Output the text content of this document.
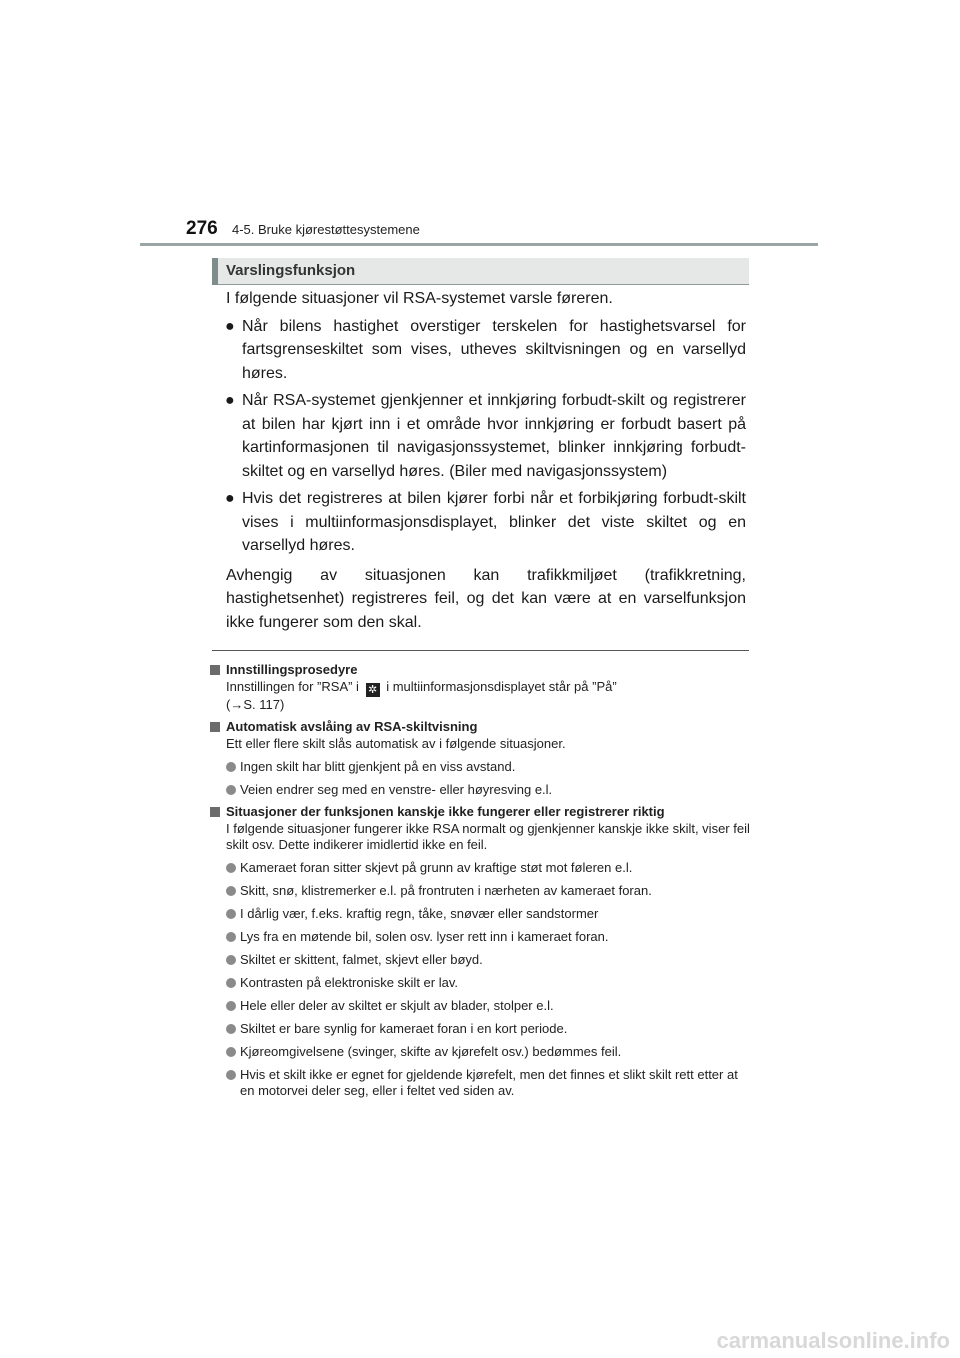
276 4-5. Bruke kjørestøttesystemene
Varslingsfunksjon

I følgende situasjoner vil RSA-systemet varsle føreren.

● Når bilens hastighet overstiger terskelen for hastighetsvarsel for fartsgrenseskiltet som vises, utheves skiltvisningen og en varsellyd høres.
● Når RSA-systemet gjenkjenner et innkjøring forbudt-skilt og registrerer at bilen har kjørt inn i et område hvor innkjøring er forbudt basert på kartinformasjonen til navigasjonssystemet, blinker innkjøring forbudt-skiltet og en varsellyd høres. (Biler med navigasjonssystem)
● Hvis det registreres at bilen kjører forbi når et forbikjøring forbudt-skilt vises i multiinformasjonsdisplayet, blinker det viste skiltet og en varsellyd høres.

Avhengig av situasjonen kan trafikkmiljøet (trafikkretning, hastighetsenhet) registreres feil, og det kan være at en varselfunksjon ikke fungerer som den skal.

Innstillingsprosedyre
Innstillingen for ”RSA” i ✲ i multiinformasjonsdisplayet står på ”På”
(→S. 117)
Automatisk avslåing av RSA-skiltvisning
Ett eller flere skilt slås automatisk av i følgende situasjoner.
Ingen skilt har blitt gjenkjent på en viss avstand.
Veien endrer seg med en venstre- eller høyresving e.l.
Situasjoner der funksjonen kanskje ikke fungerer eller registrerer riktig
I følgende situasjoner fungerer ikke RSA normalt og gjenkjenner kanskje ikke skilt, viser feil skilt osv. Dette indikerer imidlertid ikke en feil.
Kameraet foran sitter skjevt på grunn av kraftige støt mot føleren e.l.
Skitt, snø, klistremerker e.l. på frontruten i nærheten av kameraet foran.
I dårlig vær, f.eks. kraftig regn, tåke, snøvær eller sandstormer
Lys fra en møtende bil, solen osv. lyser rett inn i kameraet foran.
Skiltet er skittent, falmet, skjevt eller bøyd.
Kontrasten på elektroniske skilt er lav.
Hele eller deler av skiltet er skjult av blader, stolper e.l.
Skiltet er bare synlig for kameraet foran i en kort periode.
Kjøreomgivelsene (svinger, skifte av kjørefelt osv.) bedømmes feil.
Hvis et skilt ikke er egnet for gjeldende kjørefelt, men det finnes et slikt skilt rett etter at en motorvei deler seg, eller i feltet ved siden av.
carmanualsonline.info
